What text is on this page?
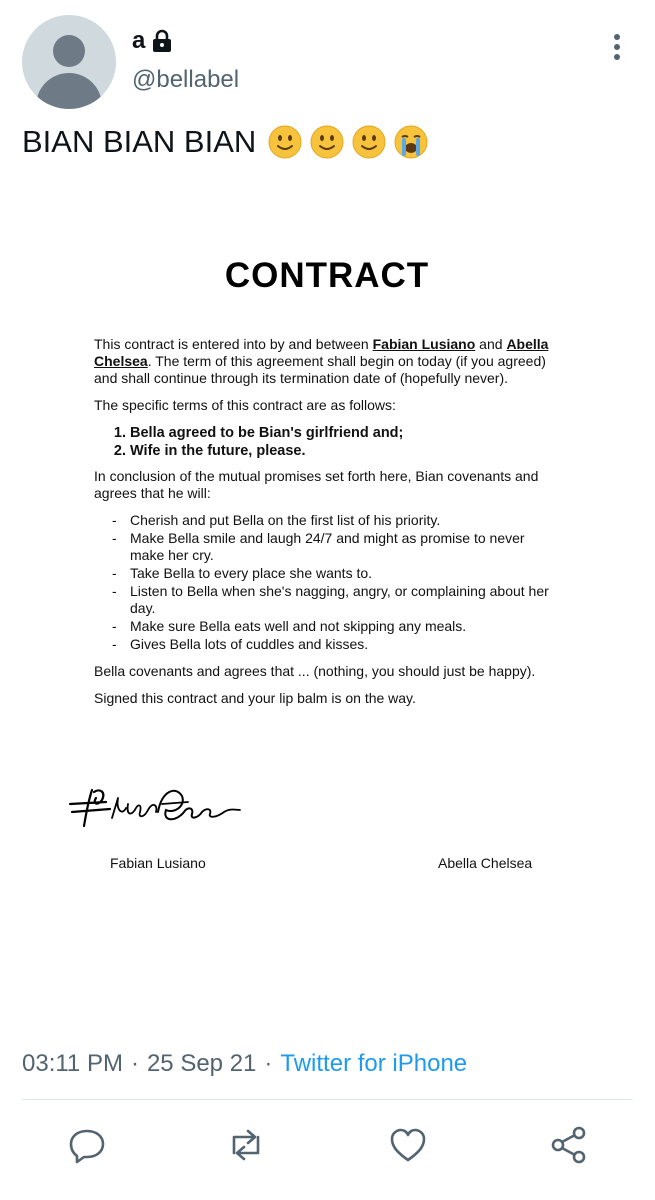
a
@bellabel
BIAN BIAN BIAN
CONTRACT

This contract is entered into by and between Fabian Lusiano and Abella Chelsea. The term of this agreement shall begin on today (if you agreed) and shall continue through its termination date of (hopefully never).

The specific terms of this contract are as follows:

1. Bella agreed to be Bian's girlfriend and;
2. Wife in the future, please.

In conclusion of the mutual promises set forth here, Bian covenants and agrees that he will:

- Cherish and put Bella on the first list of his priority.
- Make Bella smile and laugh 24/7 and might as promise to never make her cry.
- Take Bella to every place she wants to.
- Listen to Bella when she's nagging, angry, or complaining about her day.
- Make sure Bella eats well and not skipping any meals.
- Gives Bella lots of cuddles and kisses.

Bella covenants and agrees that ... (nothing, you should just be happy).

Signed this contract and your lip balm is on the way.

Fabian Lusiano	Abella Chelsea
03:11 PM · 25 Sep 21 · Twitter for iPhone
